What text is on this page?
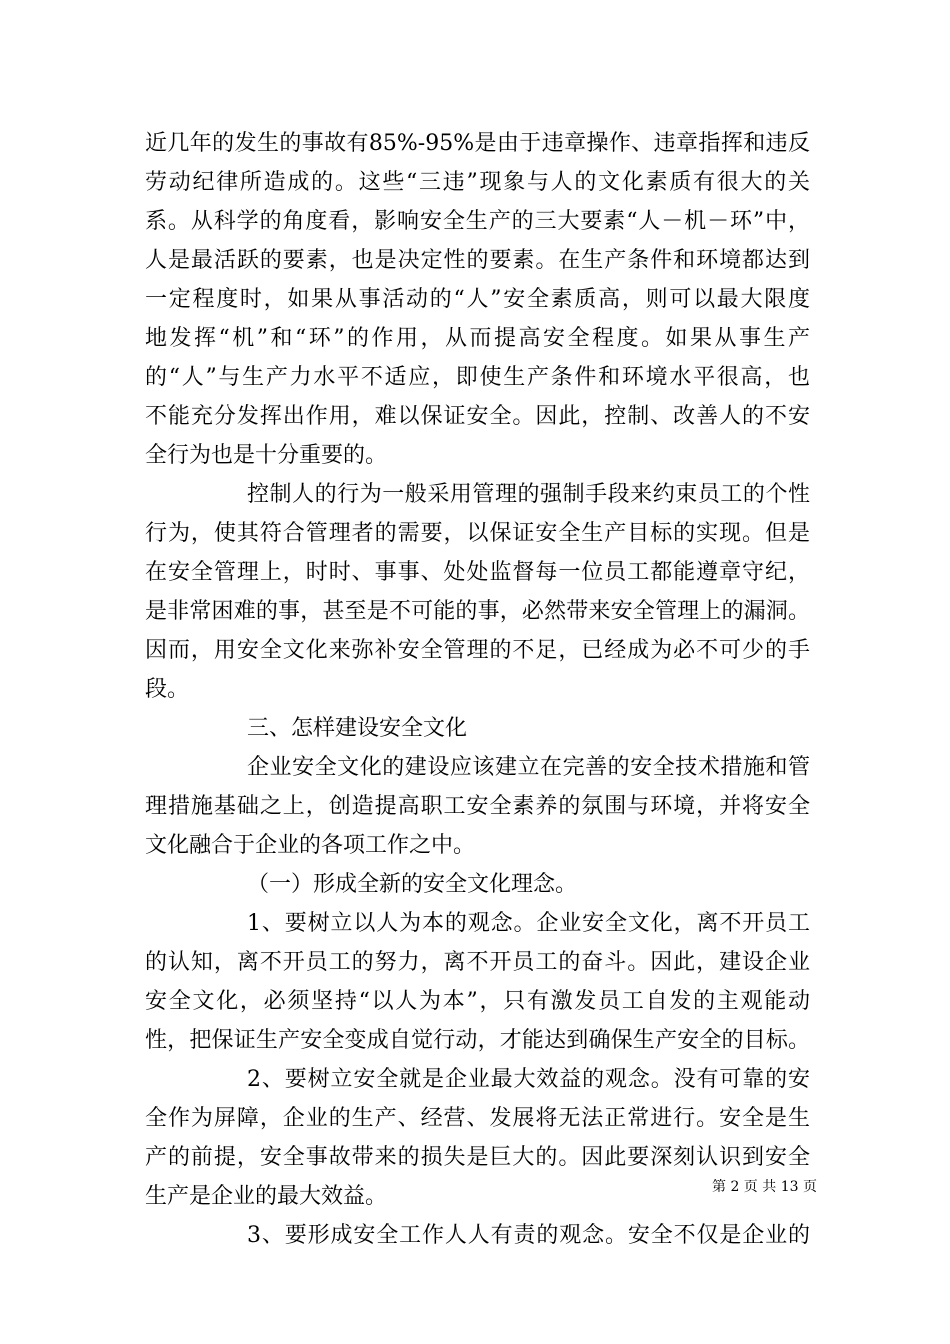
近几年的发生的事故有85%-95%是由于违章操作、违章指挥和违反
劳动纪律所造成的。这些“三违”现象与人的文化素质有很大的关
系。从科学的角度看，影响安全生产的三大要素“人－机－环”中，
人是最活跃的要素，也是决定性的要素。在生产条件和环境都达到
一定程度时，如果从事活动的“人”安全素质高，则可以最大限度
地发挥“机”和“环”的作用，从而提高安全程度。如果从事生产
的“人”与生产力水平不适应，即使生产条件和环境水平很高，也
不能充分发挥出作用，难以保证安全。因此，控制、改善人的不安
全行为也是十分重要的。
控制人的行为一般采用管理的强制手段来约束员工的个性
行为，使其符合管理者的需要，以保证安全生产目标的实现。但是
在安全管理上，时时、事事、处处监督每一位员工都能遵章守纪，
是非常困难的事，甚至是不可能的事，必然带来安全管理上的漏洞。
因而，用安全文化来弥补安全管理的不足，已经成为必不可少的手
段。
三、怎样建设安全文化
企业安全文化的建设应该建立在完善的安全技术措施和管
理措施基础之上，创造提高职工安全素养的氛围与环境，并将安全
文化融合于企业的各项工作之中。
（一）形成全新的安全文化理念。
1、要树立以人为本的观念。企业安全文化，离不开员工
的认知，离不开员工的努力，离不开员工的奋斗。因此，建设企业
安全文化，必须坚持“以人为本”，只有激发员工自发的主观能动
性，把保证生产安全变成自觉行动，才能达到确保生产安全的目标。
2、要树立安全就是企业最大效益的观念。没有可靠的安
全作为屏障，企业的生产、经营、发展将无法正常进行。安全是生
产的前提，安全事故带来的损失是巨大的。因此要深刻认识到安全
生产是企业的最大效益。
3、要形成安全工作人人有责的观念。安全不仅是企业的
第 2 页 共 13 页
